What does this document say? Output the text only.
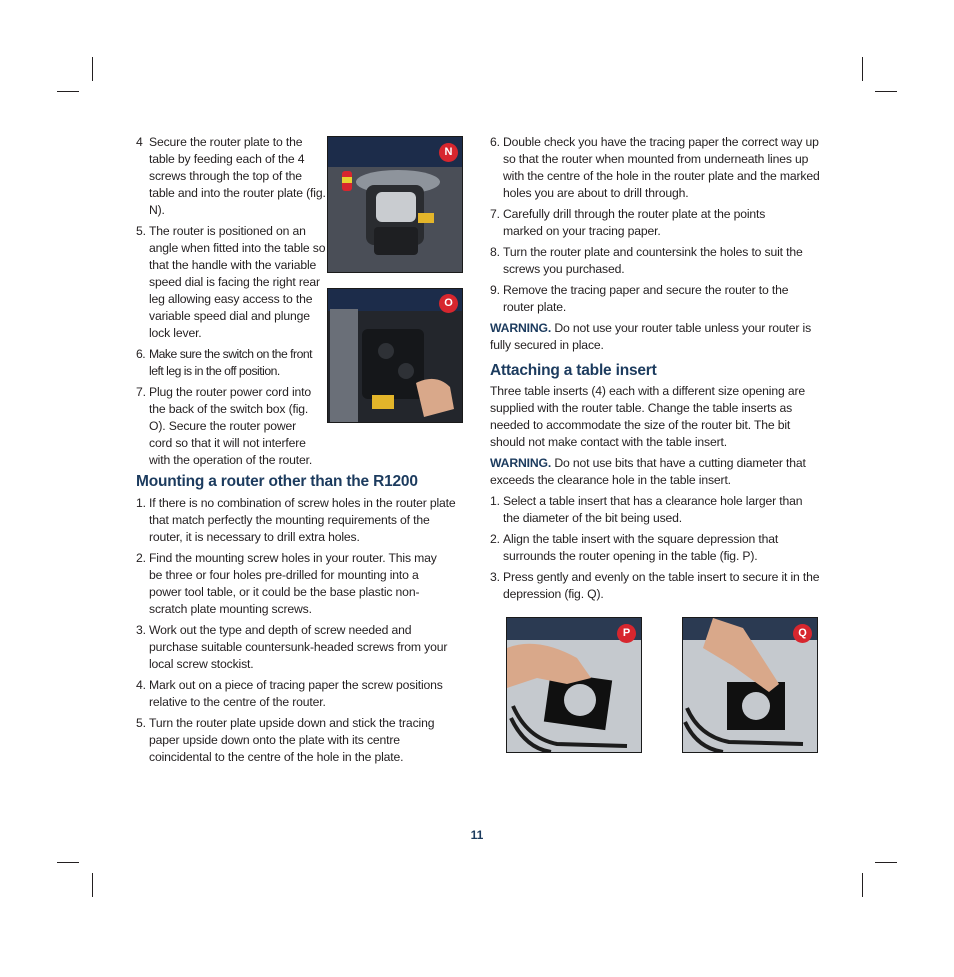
N
O
4 Secure the router plate to the table by feeding each of the 4 screws through the top of the table and into the router plate (fig. N).

5. The router is positioned on an angle when fitted into the table so that the handle with the variable speed dial is facing the right rear leg allowing easy access to the variable speed dial and plunge lock lever.

6. Make sure the switch on the front left leg is in the off position.

7. Plug the router power cord into the back of the switch box (fig. O). Secure the router power cord so that it will not interfere with the operation of the router.

Mounting a router other than the R1200
1. If there is no combination of screw holes in the router plate that match perfectly the mounting requirements of the router, it is necessary to drill extra holes.

2. Find the mounting screw holes in your router. This may be three or four holes pre-drilled for mounting into a power tool table, or it could be the base plastic non-scratch plate mounting screws.

3. Work out the type and depth of screw needed and purchase suitable countersunk-headed screws from your local screw stockist.

4. Mark out on a piece of tracing paper the screw positions relative to the centre of the router.

5. Turn the router plate upside down and stick the tracing paper upside down onto the plate with its centre coincidental to the centre of the hole in the plate.

6. Double check you have the tracing paper the correct way up so that the router when mounted from underneath lines up with the centre of the hole in the router plate and the marked holes you are about to drill through.

7. Carefully drill through the router plate at the points marked on your tracing paper.

8. Turn the router plate and countersink the holes to suit the screws you purchased.

9. Remove the tracing paper and secure the router to the router plate.

WARNING. Do not use your router table unless your router is fully secured in place.

Attaching a table insert

Three table inserts (4) each with a different size opening are supplied with the router table. Change the table inserts as needed to accommodate the size of the router bit. The bit should not make contact with the table insert.

WARNING. Do not use bits that have a cutting diameter that exceeds the clearance hole in the table insert.

1. Select a table insert that has a clearance hole larger than the diameter of the bit being used.

2. Align the table insert with the square depression that surrounds the router opening in the table (fig. P).

3. Press gently and evenly on the table insert to secure it in the depression (fig. Q).

P	Q
11
